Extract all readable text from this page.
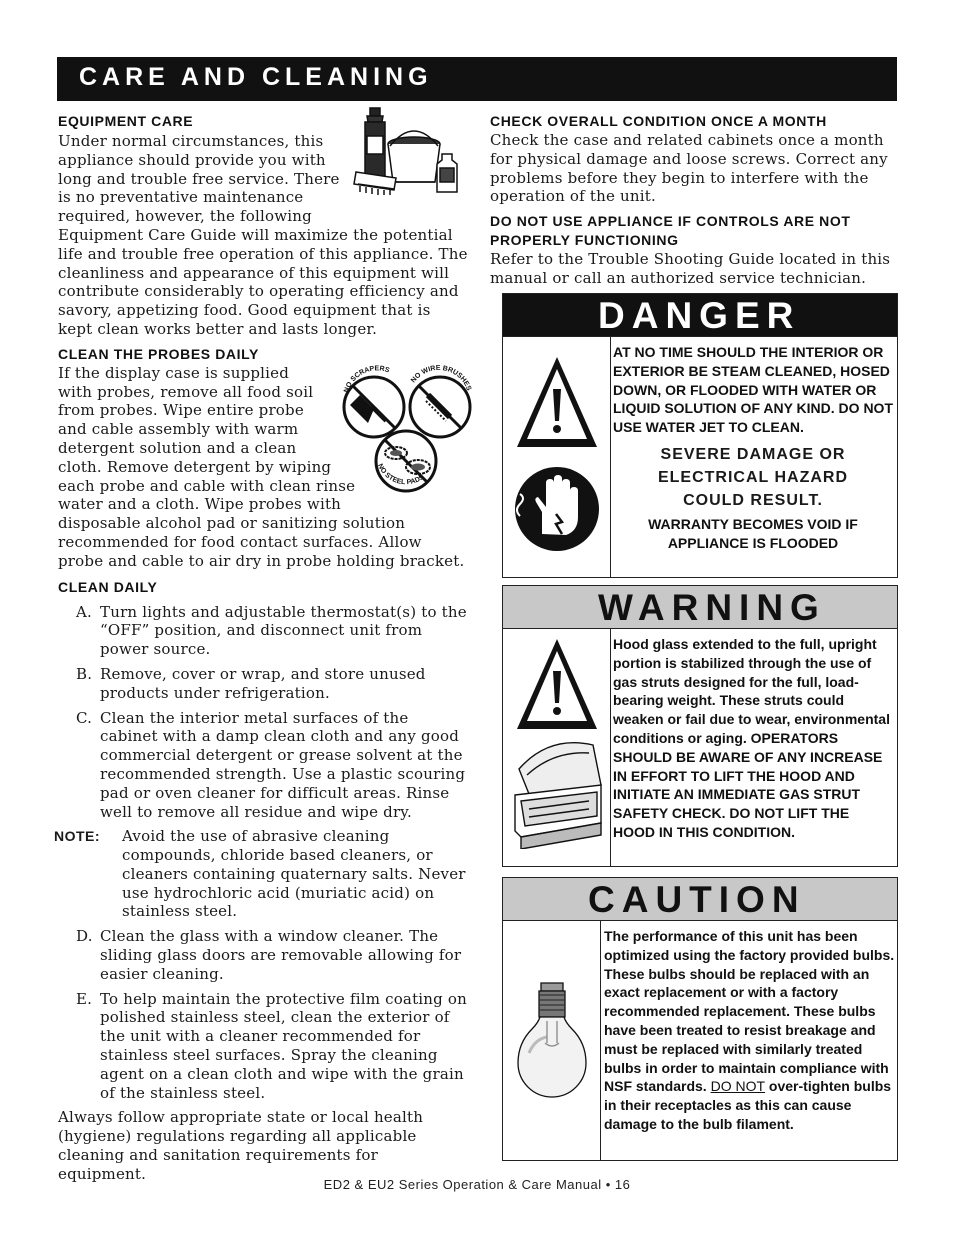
CARE AND CLEANING
EQUIPMENT CARE
Under normal circumstances, this
appliance should provide you with
long and trouble free service. There
is no preventative maintenance
required, however, the following
Equipment Care Guide will maximize the potential life and trouble free operation of this appliance. The cleanliness and appearance of this equipment will contribute considerably to operating efficiency and savory, appetizing food. Good equipment that is kept clean works better and lasts longer.
CLEAN THE PROBES DAILY
If the display case is supplied
with probes, remove all food soil
from probes. Wipe entire probe
and cable assembly with warm
detergent solution and a clean
cloth. Remove detergent by wiping
each probe and cable with clean rinse
water and a cloth. Wipe probes with
disposable alcohol pad or sanitizing solution recommended for food contact surfaces. Allow probe and cable to air dry in probe holding bracket.
NO SCRAPERS
NO WIRE BRUSHES
NO STEEL PADS
CLEAN DAILY
A. Turn lights and adjustable thermostat(s) to the “OFF” position, and disconnect unit from power source.
B. Remove, cover or wrap, and store unused products under refrigeration.
C. Clean the interior metal surfaces of the cabinet with a damp clean cloth and any good commercial detergent or grease solvent at the recommended strength. Use a plastic scouring pad or oven cleaner for difficult areas. Rinse well to remove all residue and wipe dry.
NOTE: Avoid the use of abrasive cleaning compounds, chloride based cleaners, or cleaners containing quaternary salts. Never use hydrochloric acid (muriatic acid) on stainless steel.
D. Clean the glass with a window cleaner. The sliding glass doors are removable allowing for easier cleaning.
E. To help maintain the protective film coating on polished stainless steel, clean the exterior of the unit with a cleaner recommended for stainless steel surfaces. Spray the cleaning agent on a clean cloth and wipe with the grain of the stainless steel.
Always follow appropriate state or local health (hygiene) regulations regarding all applicable cleaning and sanitation requirements for equipment.
CHECK OVERALL CONDITION ONCE A MONTH
Check the case and related cabinets once a month for physical damage and loose screws. Correct any problems before they begin to interfere with the operation of the unit.
DO NOT USE APPLIANCE IF CONTROLS ARE NOT PROPERLY FUNCTIONING
Refer to the Trouble Shooting Guide located in this manual or call an authorized service technician.
DANGER
AT NO TIME SHOULD THE INTERIOR OR EXTERIOR BE STEAM CLEANED, HOSED DOWN, OR FLOODED WITH WATER OR LIQUID SOLUTION OF ANY KIND. DO NOT USE WATER JET TO CLEAN.
SEVERE DAMAGE OR ELECTRICAL HAZARD COULD RESULT.
WARRANTY BECOMES VOID IF APPLIANCE IS FLOODED
WARNING
Hood glass extended to the full, upright portion is stabilized through the use of gas struts designed for the full, load-bearing weight. These struts could weaken or fail due to wear, environmental conditions or aging. OPERATORS SHOULD BE AWARE OF ANY INCREASE IN EFFORT TO LIFT THE HOOD AND INITIATE AN IMMEDIATE GAS STRUT SAFETY CHECK. DO NOT LIFT THE HOOD IN THIS CONDITION.
CAUTION
The performance of this unit has been optimized using the factory provided bulbs. These bulbs should be replaced with an exact replacement or with a factory recommended replacement. These bulbs have been treated to resist breakage and must be replaced with similarly treated bulbs in order to maintain compliance with NSF standards. DO NOT over-tighten bulbs in their receptacles as this can cause damage to the bulb filament.
ED2 & EU2 Series Operation & Care Manual • 16
